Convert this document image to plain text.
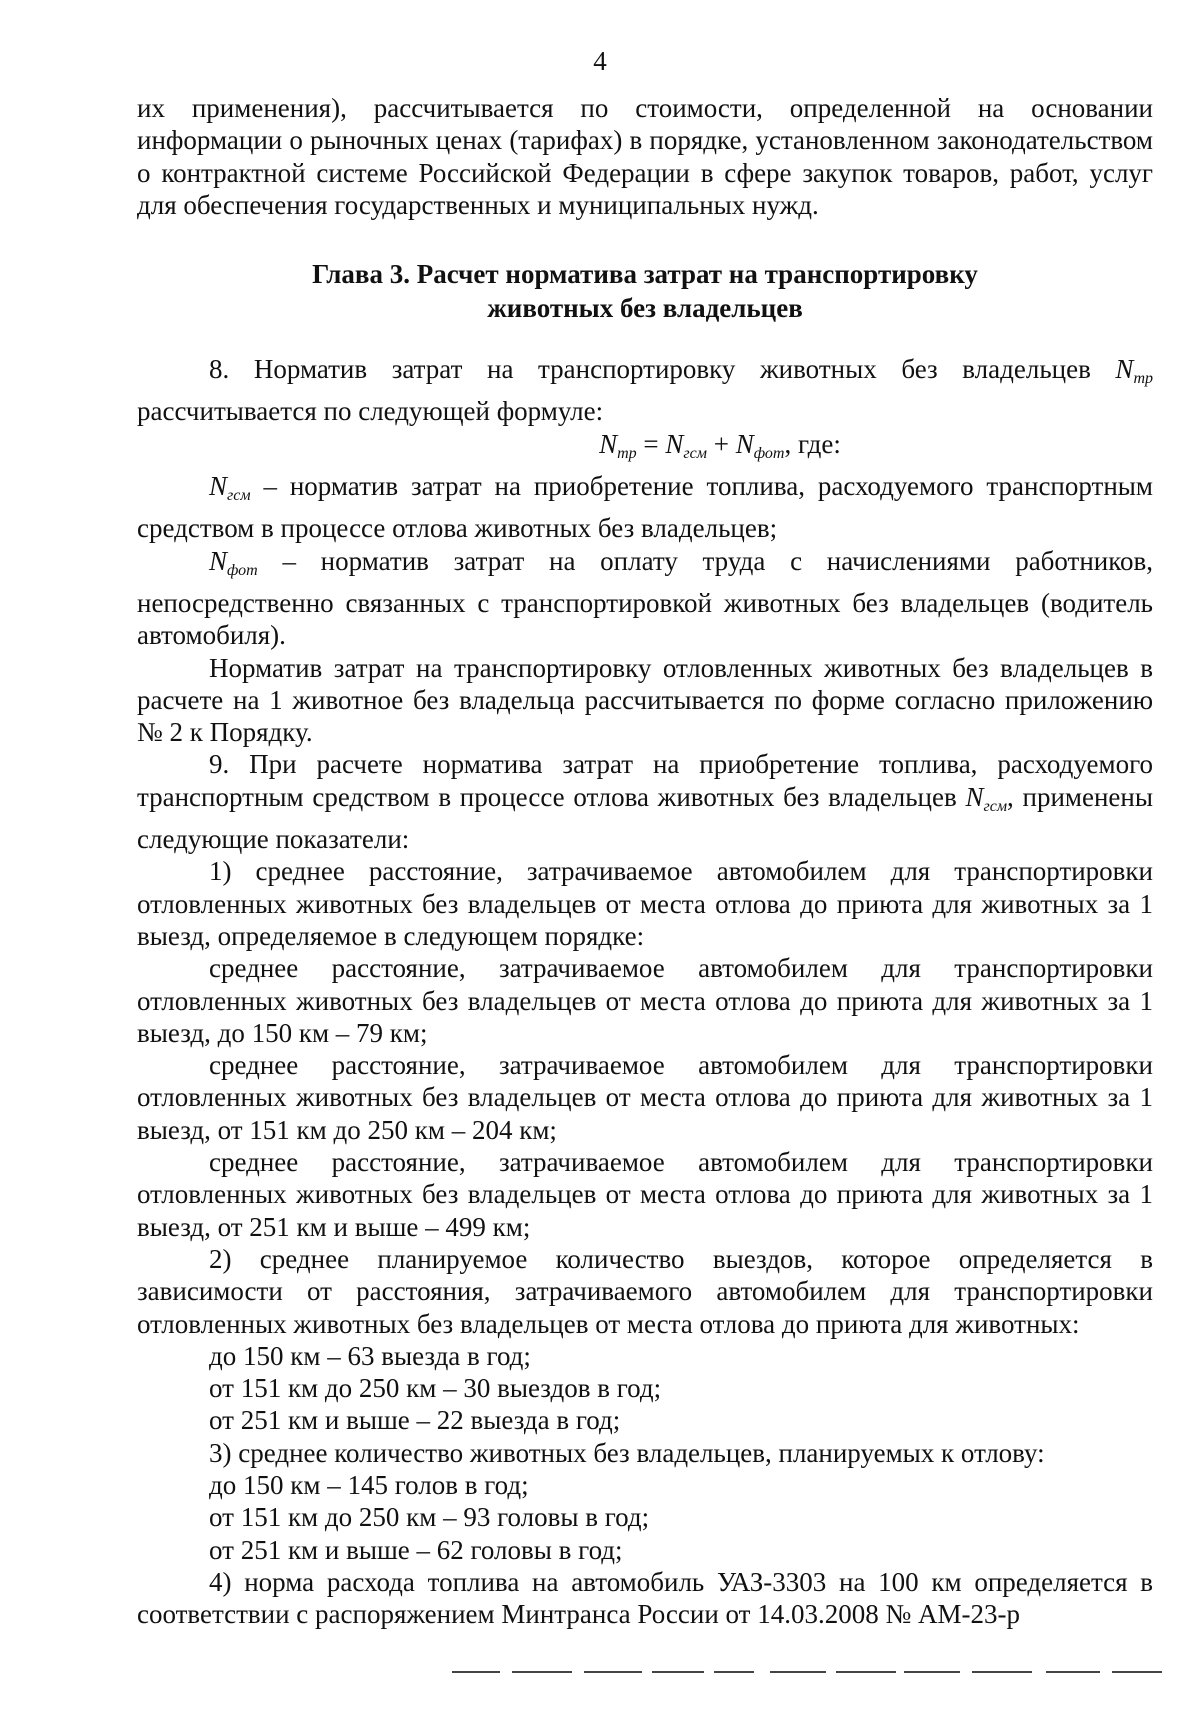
4

их применения), рассчитывается по стоимости, определенной на основании информации о рыночных ценах (тарифах) в порядке, установленном законодательством о контрактной системе Российской Федерации в сфере закупок товаров, работ, услуг для обеспечения государственных и муниципальных нужд.

Глава 3. Расчет норматива затрат на транспортировку
животных без владельцев

8. Норматив затрат на транспортировку животных без владельцев $N_{тр}$ рассчитывается по следующей формуле:

$N_{тр} = N_{гсм} + N_{фот}$, где:

$N_{гсм}$ – норматив затрат на приобретение топлива, расходуемого транспортным средством в процессе отлова животных без владельцев;

$N_{фот}$ – норматив затрат на оплату труда с начислениями работников, непосредственно связанных с транспортировкой животных без владельцев (водитель автомобиля).

Норматив затрат на транспортировку отловленных животных без владельцев в расчете на 1 животное без владельца рассчитывается по форме согласно приложению № 2 к Порядку.

9. При расчете норматива затрат на приобретение топлива, расходуемого транспортным средством в процессе отлова животных без владельцев $N_{гсм}$, применены следующие показатели:

1) среднее расстояние, затрачиваемое автомобилем для транспортировки отловленных животных без владельцев от места отлова до приюта для животных за 1 выезд, определяемое в следующем порядке:

среднее расстояние, затрачиваемое автомобилем для транспортировки отловленных животных без владельцев от места отлова до приюта для животных за 1 выезд, до 150 км – 79 км;

среднее расстояние, затрачиваемое автомобилем для транспортировки отловленных животных без владельцев от места отлова до приюта для животных за 1 выезд, от 151 км до 250 км – 204 км;

среднее расстояние, затрачиваемое автомобилем для транспортировки отловленных животных без владельцев от места отлова до приюта для животных за 1 выезд, от 251 км и выше – 499 км;

2) среднее планируемое количество выездов, которое определяется в зависимости от расстояния, затрачиваемого автомобилем для транспортировки отловленных животных без владельцев от места отлова до приюта для животных:

до 150 км – 63 выезда в год;

от 151 км до 250 км – 30 выездов в год;

от 251 км и выше – 22 выезда в год;

3) среднее количество животных без владельцев, планируемых к отлову:

до 150 км – 145 голов в год;

от 151 км до 250 км – 93 головы в год;

от 251 км и выше – 62 головы в год;

4) норма расхода топлива на автомобиль УАЗ-3303 на 100 км определяется в соответствии с распоряжением Минтранса России от 14.03.2008 № АМ-23-р
